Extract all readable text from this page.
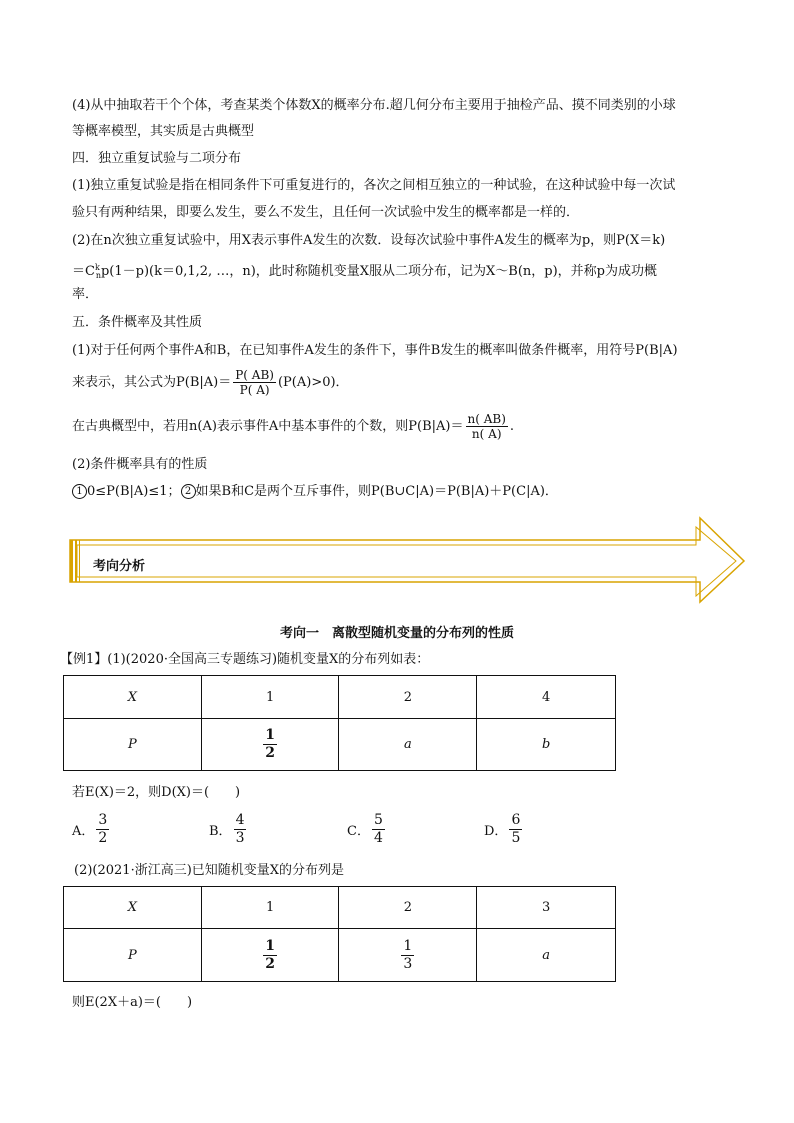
(4)从中抽取若干个个体，考查某类个体数X的概率分布.超几何分布主要用于抽检产品、摸不同类别的小球
等概率模型，其实质是古典概型
四．独立重复试验与二项分布
(1)独立重复试验是指在相同条件下可重复进行的，各次之间相互独立的一种试验，在这种试验中每一次试
验只有两种结果，即要么发生，要么不发生，且任何一次试验中发生的概率都是一样的．
(2)在n次独立重复试验中，用X表示事件A发生的次数．设每次试验中事件A发生的概率为p，则P(X＝k)
$=C^k_np(1-p)(k=0,1,2$, …，n)，此时称随机变量X服从二项分布，记为X～B(n，p)，并称p为成功概
率．
五．条件概率及其性质
(1)对于任何两个事件A和B，在已知事件A发生的条件下，事件B发生的概率叫做条件概率，用符号P(B|A)
来表示，其公式为$P(B|A)= \frac{P( AB)}{P( A)} (P(A)>0)$．
在古典概型中，若用n(A)表示事件A中基本事件的个数，则$P(B|A)= \frac{n( AB)}{n( A)}$ .
(2)条件概率具有的性质
1 0≤P(B|A)≤1； 2 如果B和C是两个互斥事件，则P(B∪C|A)＝P(B|A)＋P(C|A)．
考向分析
考向一　离散型随机变量的分布列的性质
【例1】(1)(2020·全国高三专题练习)随机变量X的分布列如表：
X	1	2	4
P	$\frac{1}{2}$	a	b
若E(X)＝2，则D(X)＝(　　)
A． $\frac{3}{2}$	B． $\frac{4}{3}$	C． $\frac{5}{4}$	D． $\frac{6}{5}$
(2)(2021·浙江高三)已知随机变量X的分布列是
X	1	2	3
P	$\frac{1}{2}$	$\frac{1}{3}$	a
则E(2X＋a)＝(　　)
